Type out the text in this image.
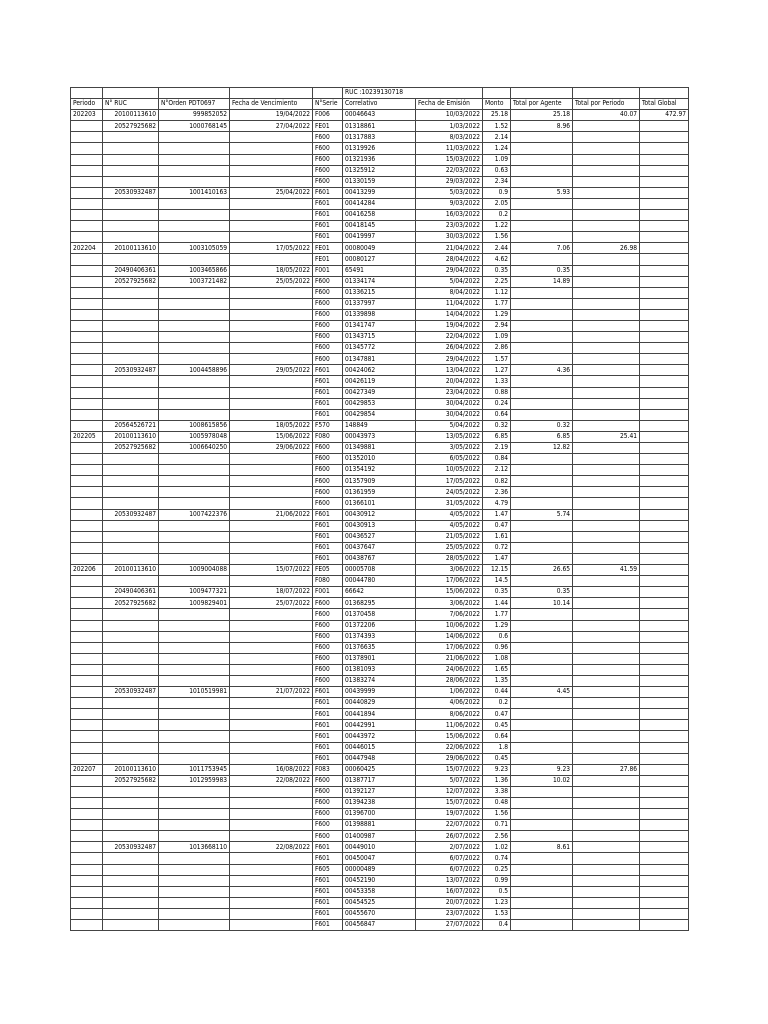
					RUC :10239130718					
Periodo	N° RUC	N°Orden PDT0697	Fecha de Vencimiento	N°Serie	Correlativo	Fecha de Emisión	Monto	Total por Agente	Total por Periodo	Total Global
202203	20100113610	999852052	19/04/2022	F006	00046643	10/03/2022	25.18	25.18	40.07	472.97
	20527925682	1000768145	27/04/2022	FE01	01318861	1/03/2022	1.52	8.96		
				F600	01317883	8/03/2022	2.14			
				F600	01319926	11/03/2022	1.24			
				F600	01321936	15/03/2022	1.09			
				F600	01325912	22/03/2022	0.63			
				F600	01330159	29/03/2022	2.34			
	20530932487	1001410163	25/04/2022	F601	00413299	5/03/2022	0.9	5.93		
				F601	00414284	9/03/2022	2.05			
				F601	00416258	16/03/2022	0.2			
				F601	00418145	23/03/2022	1.22			
				F601	00419997	30/03/2022	1.56			
202204	20100113610	1003105059	17/05/2022	FE01	00080049	21/04/2022	2.44	7.06	26.98	
				FE01	00080127	28/04/2022	4.62			
	20490406361	1003465866	18/05/2022	F001	65491	29/04/2022	0.35	0.35		
	20527925682	1003721482	25/05/2022	F600	01334174	5/04/2022	2.25	14.89		
				F600	01336215	8/04/2022	1.12			
				F600	01337997	11/04/2022	1.77			
				F600	01339898	14/04/2022	1.29			
				F600	01341747	19/04/2022	2.94			
				F600	01343715	22/04/2022	1.09			
				F600	01345772	26/04/2022	2.86			
				F600	01347881	29/04/2022	1.57			
	20530932487	1004458896	29/05/2022	F601	00424062	13/04/2022	1.27	4.36		
				F601	00426119	20/04/2022	1.33			
				F601	00427349	23/04/2022	0.88			
				F601	00429853	30/04/2022	0.24			
				F601	00429854	30/04/2022	0.64			
	20564526721	1008615856	18/05/2022	F570	148849	5/04/2022	0.32	0.32		
202205	20100113610	1005978048	15/06/2022	F080	00043973	13/05/2022	6.85	6.85	25.41	
	20527925682	1006640250	29/06/2022	F600	01349881	3/05/2022	2.19	12.82		
				F600	01352010	6/05/2022	0.84			
				F600	01354192	10/05/2022	2.12			
				F600	01357909	17/05/2022	0.82			
				F600	01361959	24/05/2022	2.36			
				F600	01366101	31/05/2022	4.79			
	20530932487	1007422376	21/06/2022	F601	00430912	4/05/2022	1.47	5.74		
				F601	00430913	4/05/2022	0.47			
				F601	00436527	21/05/2022	1.61			
				F601	00437647	25/05/2022	0.72			
				F601	00438767	28/05/2022	1.47			
202206	20100113610	1009004088	15/07/2022	FE05	00005708	3/06/2022	12.15	26.65	41.59	
				F080	00044780	17/06/2022	14.5			
	20490406361	1009477321	18/07/2022	F001	66642	15/06/2022	0.35	0.35		
	20527925682	1009829401	25/07/2022	F600	01368295	3/06/2022	1.44	10.14		
				F600	01370458	7/06/2022	1.77			
				F600	01372206	10/06/2022	1.29			
				F600	01374393	14/06/2022	0.6			
				F600	01376635	17/06/2022	0.96			
				F600	01378901	21/06/2022	1.08			
				F600	01381093	24/06/2022	1.65			
				F600	01383274	28/06/2022	1.35			
	20530932487	1010519981	21/07/2022	F601	00439999	1/06/2022	0.44	4.45		
				F601	00440829	4/06/2022	0.2			
				F601	00441894	8/06/2022	0.47			
				F601	00442991	11/06/2022	0.45			
				F601	00443972	15/06/2022	0.64			
				F601	00446015	22/06/2022	1.8			
				F601	00447948	29/06/2022	0.45			
202207	20100113610	1011753945	16/08/2022	F083	00060425	15/07/2022	9.23	9.23	27.86	
	20527925682	1012959983	22/08/2022	F600	01387717	5/07/2022	1.36	10.02		
				F600	01392127	12/07/2022	3.38			
				F600	01394238	15/07/2022	0.48			
				F600	01396700	19/07/2022	1.56			
				F600	01398881	22/07/2022	0.71			
				F600	01400987	26/07/2022	2.56			
	20530932487	1013668110	22/08/2022	F601	00449010	2/07/2022	1.02	8.61		
				F601	00450047	6/07/2022	0.74			
				F605	00000489	6/07/2022	0.25			
				F601	00452190	13/07/2022	0.99			
				F601	00453358	16/07/2022	0.5			
				F601	00454525	20/07/2022	1.23			
				F601	00455670	23/07/2022	1.53			
				F601	00456847	27/07/2022	0.4			
